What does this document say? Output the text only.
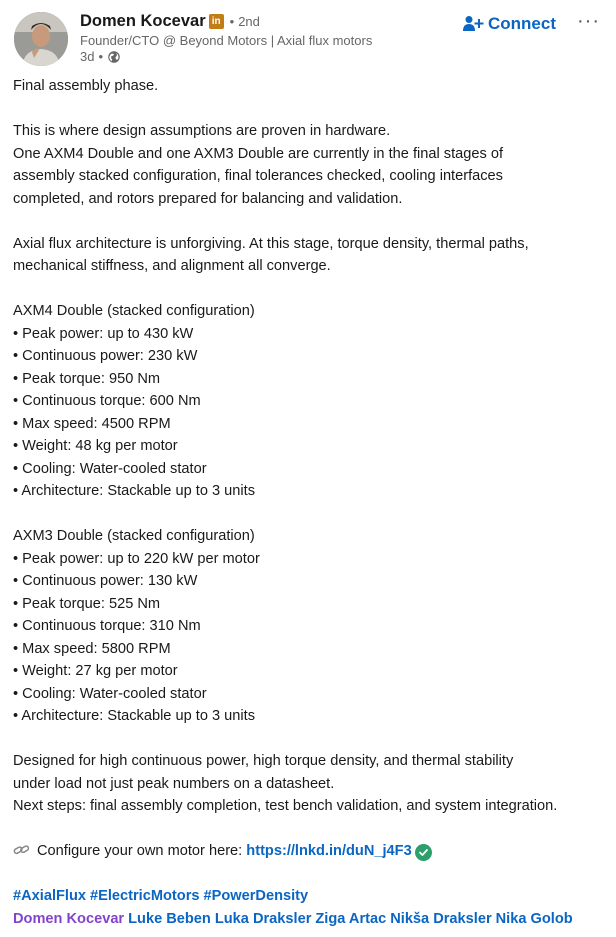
Domen Kocevar in • 2nd
Founder/CTO @ Beyond Motors | Axial flux motors
3d •
Connect ···
Final assembly phase.
This is where design assumptions are proven in hardware.
One AXM4 Double and one AXM3 Double are currently in the final stages of
assembly stacked configuration, final tolerances checked, cooling interfaces
completed, and rotors prepared for balancing and validation.
Axial flux architecture is unforgiving. At this stage, torque density, thermal paths,
mechanical stiffness, and alignment all converge.
AXM4 Double (stacked configuration)
• Peak power: up to 430 kW
• Continuous power: 230 kW
• Peak torque: 950 Nm
• Continuous torque: 600 Nm
• Max speed: 4500 RPM
• Weight: 48 kg per motor
• Cooling: Water-cooled stator
• Architecture: Stackable up to 3 units
AXM3 Double (stacked configuration)
• Peak power: up to 220 kW per motor
• Continuous power: 130 kW
• Peak torque: 525 Nm
• Continuous torque: 310 Nm
• Max speed: 5800 RPM
• Weight: 27 kg per motor
• Cooling: Water-cooled stator
• Architecture: Stackable up to 3 units
Designed for high continuous power, high torque density, and thermal stability
under load not just peak numbers on a datasheet.
Next steps: final assembly completion, test bench validation, and system integration.
Configure your own motor here: https://lnkd.in/duN_j4F3
#AxialFlux #ElectricMotors #PowerDensity
Domen Kocevar Luke Beben Luka Draksler Ziga Artac Nikša Draksler Nika Golob
